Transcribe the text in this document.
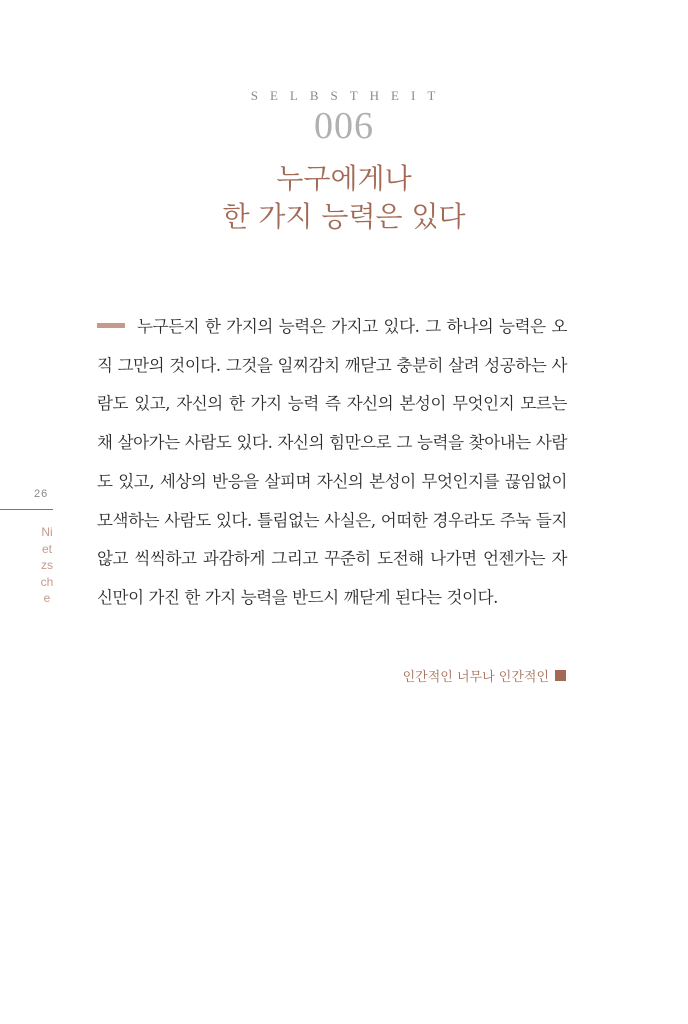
SELBSTHEIT
006
누구에게나
한 가지 능력은 있다
26
Nietzsche

누구든지 한 가지의 능력은 가지고 있다. 그 하나의 능력은 오직 그만의 것이다. 그것을 일찌감치 깨닫고 충분히 살려 성공하는 사람도 있고, 자신의 한 가지 능력 즉 자신의 본성이 무엇인지 모르는 채 살아가는 사람도 있다. 자신의 힘만으로 그 능력을 찾아내는 사람도 있고, 세상의 반응을 살피며 자신의 본성이 무엇인지를 끊임없이 모색하는 사람도 있다. 틀림없는 사실은, 어떠한 경우라도 주눅 들지 않고 씩씩하고 과감하게 그리고 꾸준히 도전해 나가면 언젠가는 자신만이 가진 한 가지 능력을 반드시 깨닫게 된다는 것이다.

인간적인 너무나 인간적인
